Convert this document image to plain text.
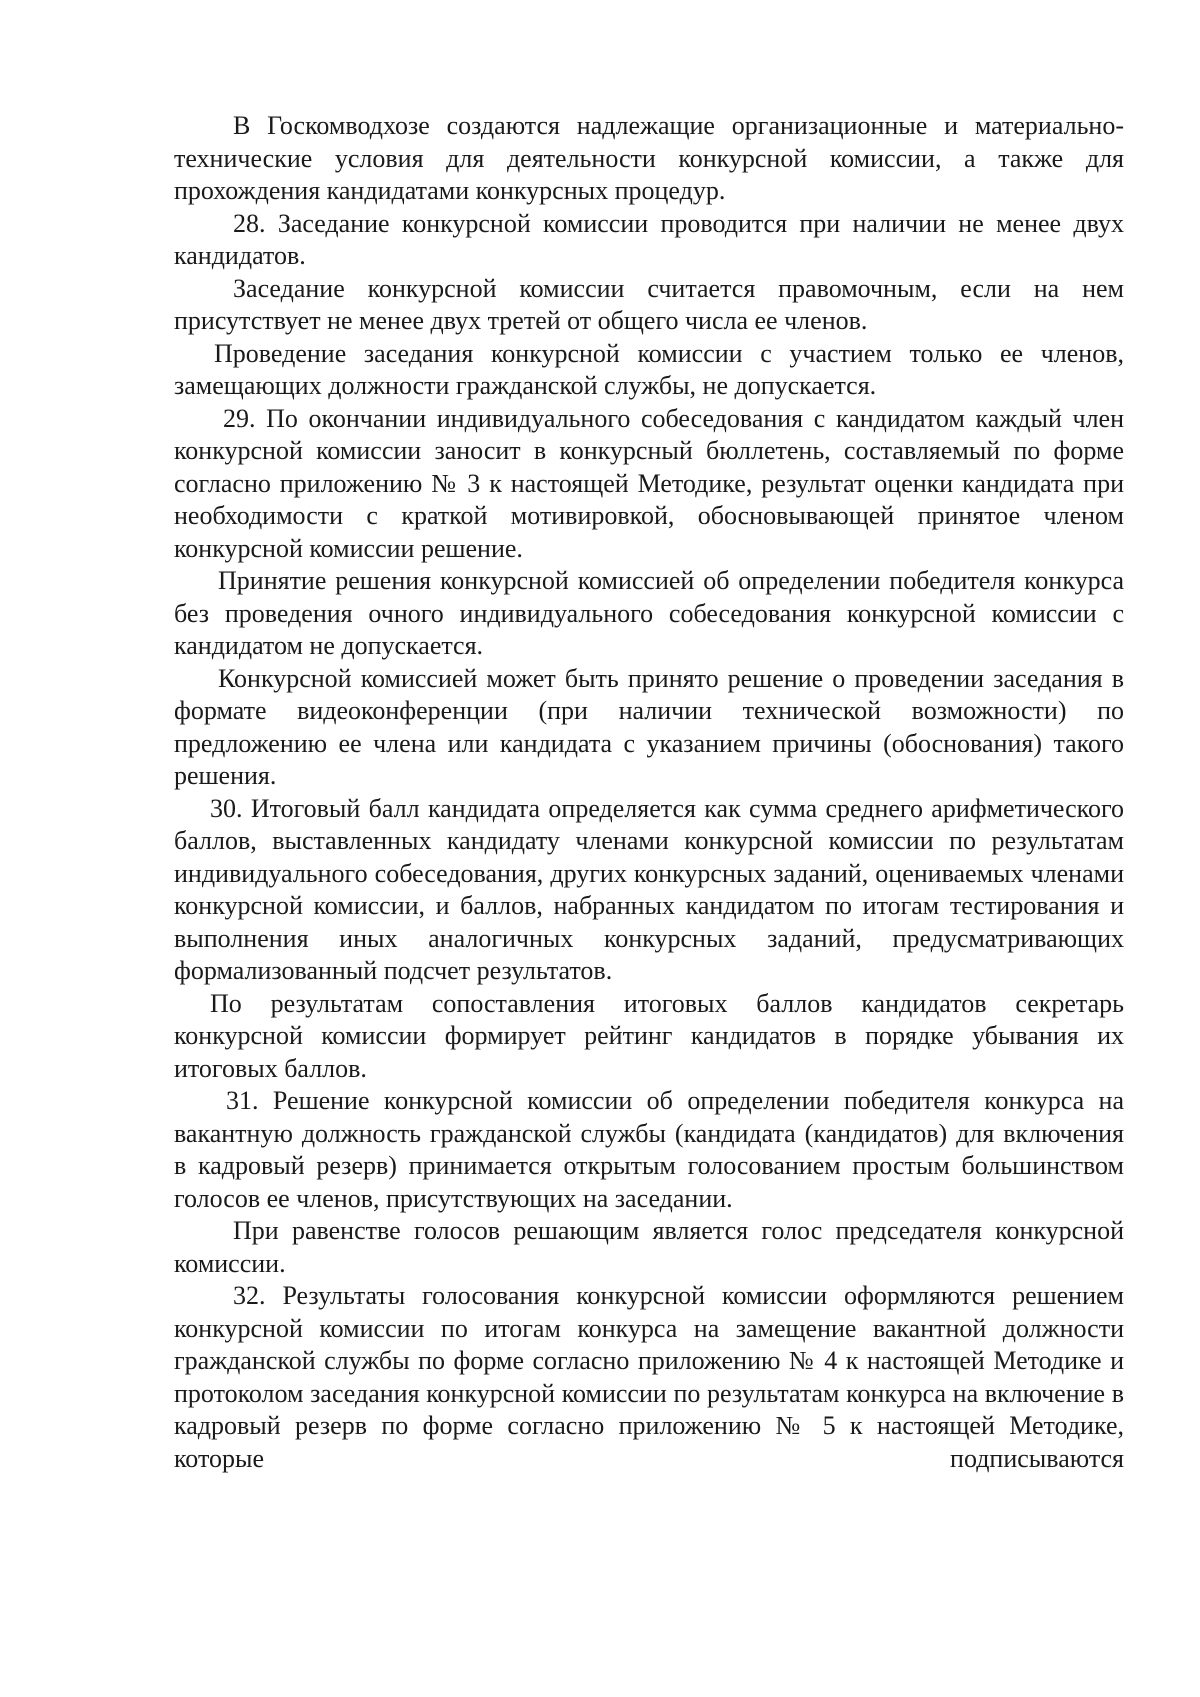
В Госкомводхозе создаются надлежащие организационные и материально-технические условия для деятельности конкурсной комиссии, а также для прохождения кандидатами конкурсных процедур.

28. Заседание конкурсной комиссии проводится при наличии не менее двух кандидатов.

Заседание конкурсной комиссии считается правомочным, если на нем присутствует не менее двух третей от общего числа ее членов.

Проведение заседания конкурсной комиссии с участием только ее членов, замещающих должности гражданской службы, не допускается.

29. По окончании индивидуального собеседования с кандидатом каждый член конкурсной комиссии заносит в конкурсный бюллетень, составляемый по форме согласно приложению № 3 к настоящей Методике, результат оценки кандидата при необходимости с краткой мотивировкой, обосновывающей принятое членом конкурсной комиссии решение.

Принятие решения конкурсной комиссией об определении победителя конкурса без проведения очного индивидуального собеседования конкурсной комиссии с кандидатом не допускается.

Конкурсной комиссией может быть принято решение о проведении заседания в формате видеоконференции (при наличии технической возможности) по предложению ее члена или кандидата с указанием причины (обоснования) такого решения.

30. Итоговый балл кандидата определяется как сумма среднего арифметического баллов, выставленных кандидату членами конкурсной комиссии по результатам индивидуального собеседования, других конкурсных заданий, оцениваемых членами конкурсной комиссии, и баллов, набранных кандидатом по итогам тестирования и выполнения иных аналогичных конкурсных заданий, предусматривающих формализованный подсчет результатов.

По результатам сопоставления итоговых баллов кандидатов секретарь конкурсной комиссии формирует рейтинг кандидатов в порядке убывания их итоговых баллов.

31. Решение конкурсной комиссии об определении победителя конкурса на вакантную должность гражданской службы (кандидата (кандидатов) для включения в кадровый резерв) принимается открытым голосованием простым большинством голосов ее членов, присутствующих на заседании.

При равенстве голосов решающим является голос председателя конкурсной комиссии.

32. Результаты голосования конкурсной комиссии оформляются решением конкурсной комиссии по итогам конкурса на замещение вакантной должности гражданской службы по форме согласно приложению № 4 к настоящей Методике и протоколом заседания конкурсной комиссии по результатам конкурса на включение в кадровый резерв по форме согласно приложению № 5 к настоящей Методике, которые подписываются
